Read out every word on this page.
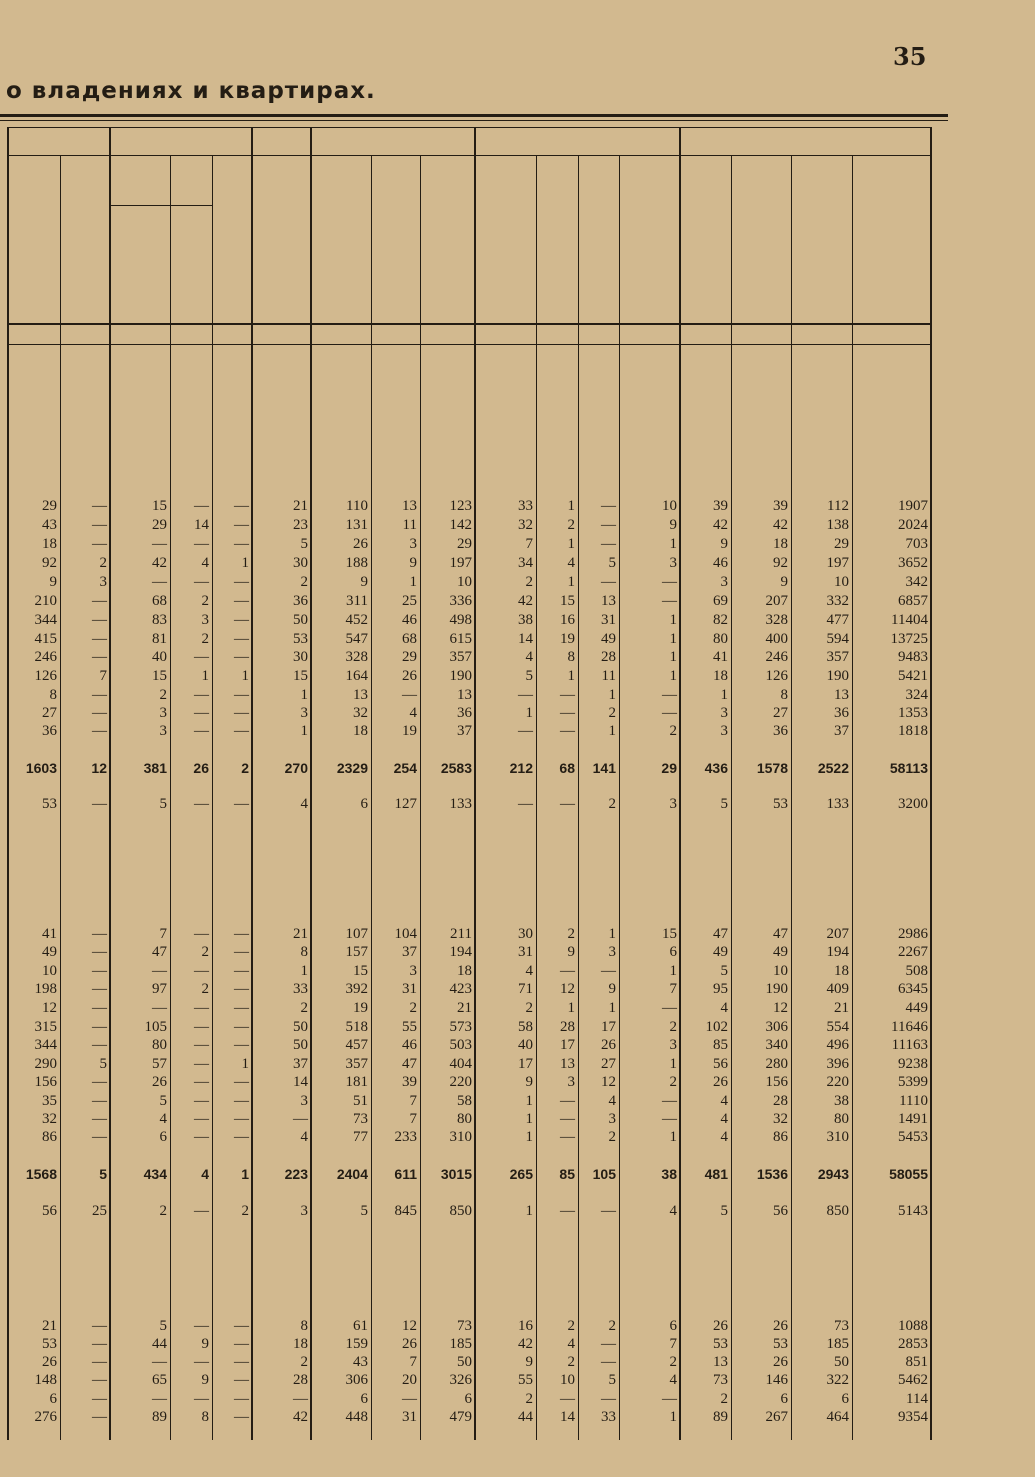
35
о владениях и квартирах.
29	—	15	—	—	21	110	13	123	33	1	—	10	39	39	112	1907
43	—	29	14	—	23	131	11	142	32	2	—	9	42	42	138	2024
18	—	—	—	—	5	26	3	29	7	1	—	1	9	18	29	703
92	2	42	4	1	30	188	9	197	34	4	5	3	46	92	197	3652
9	3	—	—	—	2	9	1	10	2	1	—	—	3	9	10	342
210	—	68	2	—	36	311	25	336	42	15	13	—	69	207	332	6857
344	—	83	3	—	50	452	46	498	38	16	31	1	82	328	477	11404
415	—	81	2	—	53	547	68	615	14	19	49	1	80	400	594	13725
246	—	40	—	—	30	328	29	357	4	8	28	1	41	246	357	9483
126	7	15	1	1	15	164	26	190	5	1	11	1	18	126	190	5421
8	—	2	—	—	1	13	—	13	—	—	1	—	1	8	13	324
27	—	3	—	—	3	32	4	36	1	—	2	—	3	27	36	1353
36	—	3	—	—	1	18	19	37	—	—	1	2	3	36	37	1818
1603	12	381	26	2	270	2329	254	2583	212	68	141	29	436	1578	2522	58113
53	—	5	—	—	4	6	127	133	—	—	2	3	5	53	133	3200
41	—	7	—	—	21	107	104	211	30	2	1	15	47	47	207	2986
49	—	47	2	—	8	157	37	194	31	9	3	6	49	49	194	2267
10	—	—	—	—	1	15	3	18	4	—	—	1	5	10	18	508
198	—	97	2	—	33	392	31	423	71	12	9	7	95	190	409	6345
12	—	—	—	—	2	19	2	21	2	1	1	—	4	12	21	449
315	—	105	—	—	50	518	55	573	58	28	17	2	102	306	554	11646
344	—	80	—	—	50	457	46	503	40	17	26	3	85	340	496	11163
290	5	57	—	1	37	357	47	404	17	13	27	1	56	280	396	9238
156	—	26	—	—	14	181	39	220	9	3	12	2	26	156	220	5399
35	—	5	—	—	3	51	7	58	1	—	4	—	4	28	38	1110
32	—	4	—	—	—	73	7	80	1	—	3	—	4	32	80	1491
86	—	6	—	—	4	77	233	310	1	—	2	1	4	86	310	5453
1568	5	434	4	1	223	2404	611	3015	265	85	105	38	481	1536	2943	58055
56	25	2	—	2	3	5	845	850	1	—	—	4	5	56	850	5143
21	—	5	—	—	8	61	12	73	16	2	2	6	26	26	73	1088
53	—	44	9	—	18	159	26	185	42	4	—	7	53	53	185	2853
26	—	—	—	—	2	43	7	50	9	2	—	2	13	26	50	851
148	—	65	9	—	28	306	20	326	55	10	5	4	73	146	322	5462
6	—	—	—	—	—	6	—	6	2	—	—	—	2	6	6	114
276	—	89	8	—	42	448	31	479	44	14	33	1	89	267	464	9354
